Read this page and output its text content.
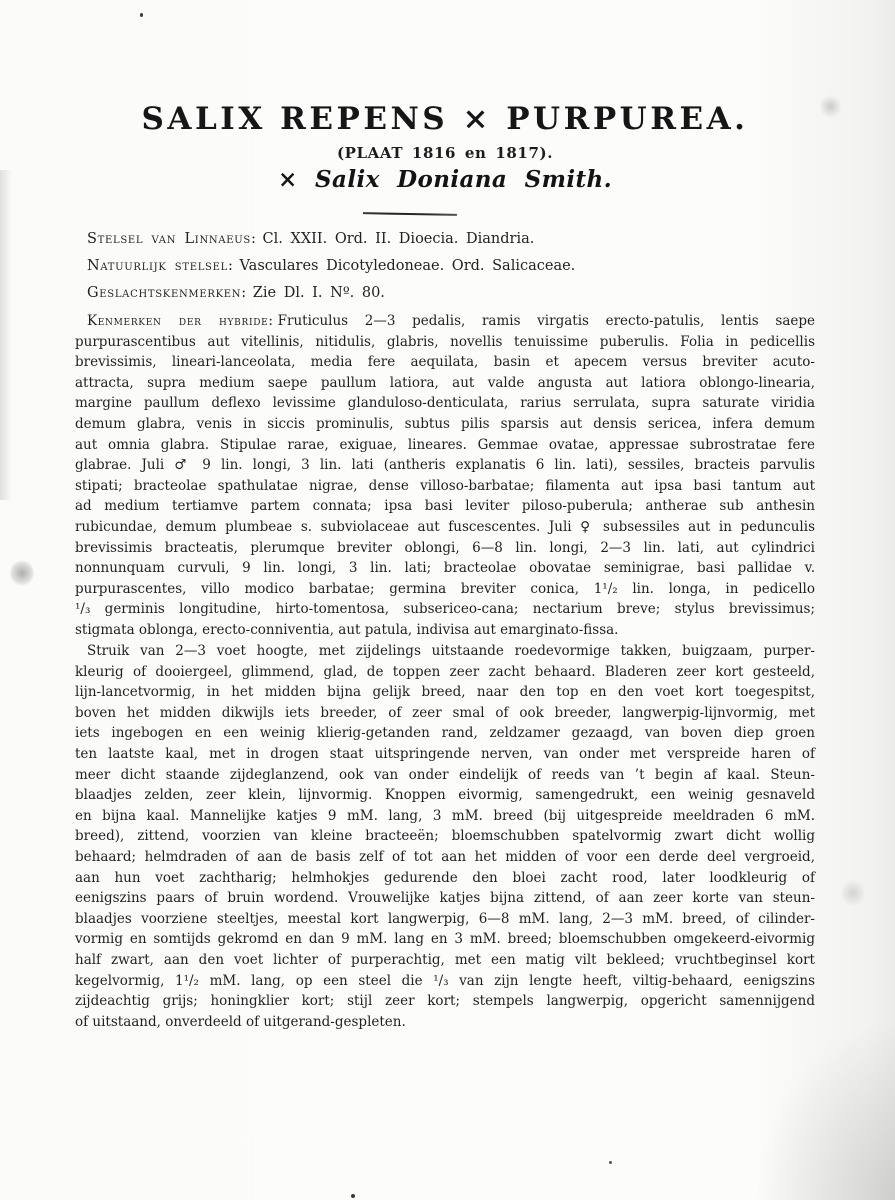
SALIX REPENS × PURPUREA.
(PLAAT 1816 en 1817).
× Salix Doniana Smith.
Stelsel van Linnaeus: Cl. XXII. Ord. II. Dioecia. Diandria.
Natuurlijk stelsel: Vasculares Dicotyledoneae. Ord. Salicaceae.
Geslachtskenmerken: Zie Dl. I. Nº. 80.
Kenmerken der hybride: Fruticulus 2—3 pedalis, ramis virgatis erecto-patulis, lentis saepe
purpurascentibus aut vitellinis, nitidulis, glabris, novellis tenuissime puberulis. Folia in pedicellis
brevissimis, lineari-lanceolata, media fere aequilata, basin et apecem versus breviter acuto-
attracta, supra medium saepe paullum latiora, aut valde angusta aut latiora oblongo-linearia,
margine paullum deflexo levissime glanduloso-denticulata, rarius serrulata, supra saturate viridia
demum glabra, venis in siccis prominulis, subtus pilis sparsis aut densis sericea, infera demum
aut omnia glabra. Stipulae rarae, exiguae, lineares. Gemmae ovatae, appressae subrostratae fere
glabrae. Juli ♂ 9 lin. longi, 3 lin. lati (antheris explanatis 6 lin. lati), sessiles, bracteis parvulis
stipati; bracteolae spathulatae nigrae, dense villoso-barbatae; filamenta aut ipsa basi tantum aut
ad medium tertiamve partem connata; ipsa basi leviter piloso-puberula; antherae sub anthesin
rubicundae, demum plumbeae s. subviolaceae aut fuscescentes. Juli ♀ subsessiles aut in pedunculis
brevissimis bracteatis, plerumque breviter oblongi, 6—8 lin. longi, 2—3 lin. lati, aut cylindrici
nonnunquam curvuli, 9 lin. longi, 3 lin. lati; bracteolae obovatae seminigrae, basi pallidae v.
purpurascentes, villo modico barbatae; germina breviter conica, 1¹/₂ lin. longa, in pedicello
¹/₃ germinis longitudine, hirto-tomentosa, subsericeo-cana; nectarium breve; stylus brevissimus;
stigmata oblonga, erecto-conniventia, aut patula, indivisa aut emarginato-fissa.
Struik van 2—3 voet hoogte, met zijdelings uitstaande roedevormige takken, buigzaam, purper-
kleurig of dooiergeel, glimmend, glad, de toppen zeer zacht behaard. Bladeren zeer kort gesteeld,
lijn-lancetvormig, in het midden bijna gelijk breed, naar den top en den voet kort toegespitst,
boven het midden dikwijls iets breeder, of zeer smal of ook breeder, langwerpig-lijnvormig, met
iets ingebogen en een weinig klierig-getanden rand, zeldzamer gezaagd, van boven diep groen
ten laatste kaal, met in drogen staat uitspringende nerven, van onder met verspreide haren of
meer dicht staande zijdeglanzend, ook van onder eindelijk of reeds van ’t begin af kaal. Steun-
blaadjes zelden, zeer klein, lijnvormig. Knoppen eivormig, samengedrukt, een weinig gesnaveld
en bijna kaal. Mannelijke katjes 9 mM. lang, 3 mM. breed (bij uitgespreide meeldraden 6 mM.
breed), zittend, voorzien van kleine bracteeën; bloemschubben spatelvormig zwart dicht wollig
behaard; helmdraden of aan de basis zelf of tot aan het midden of voor een derde deel vergroeid,
aan hun voet zachtharig; helmhokjes gedurende den bloei zacht rood, later loodkleurig of
eenigszins paars of bruin wordend. Vrouwelijke katjes bijna zittend, of aan zeer korte van steun-
blaadjes voorziene steeltjes, meestal kort langwerpig, 6—8 mM. lang, 2—3 mM. breed, of cilinder-
vormig en somtijds gekromd en dan 9 mM. lang en 3 mM. breed; bloemschubben omgekeerd-eivormig
half zwart, aan den voet lichter of purperachtig, met een matig vilt bekleed; vruchtbeginsel kort
kegelvormig, 1¹/₂ mM. lang, op een steel die ¹/₃ van zijn lengte heeft, viltig-behaard, eenigszins
zijdeachtig grijs; honingklier kort; stijl zeer kort; stempels langwerpig, opgericht samennijgend
of uitstaand, onverdeeld of uitgerand-gespleten.
